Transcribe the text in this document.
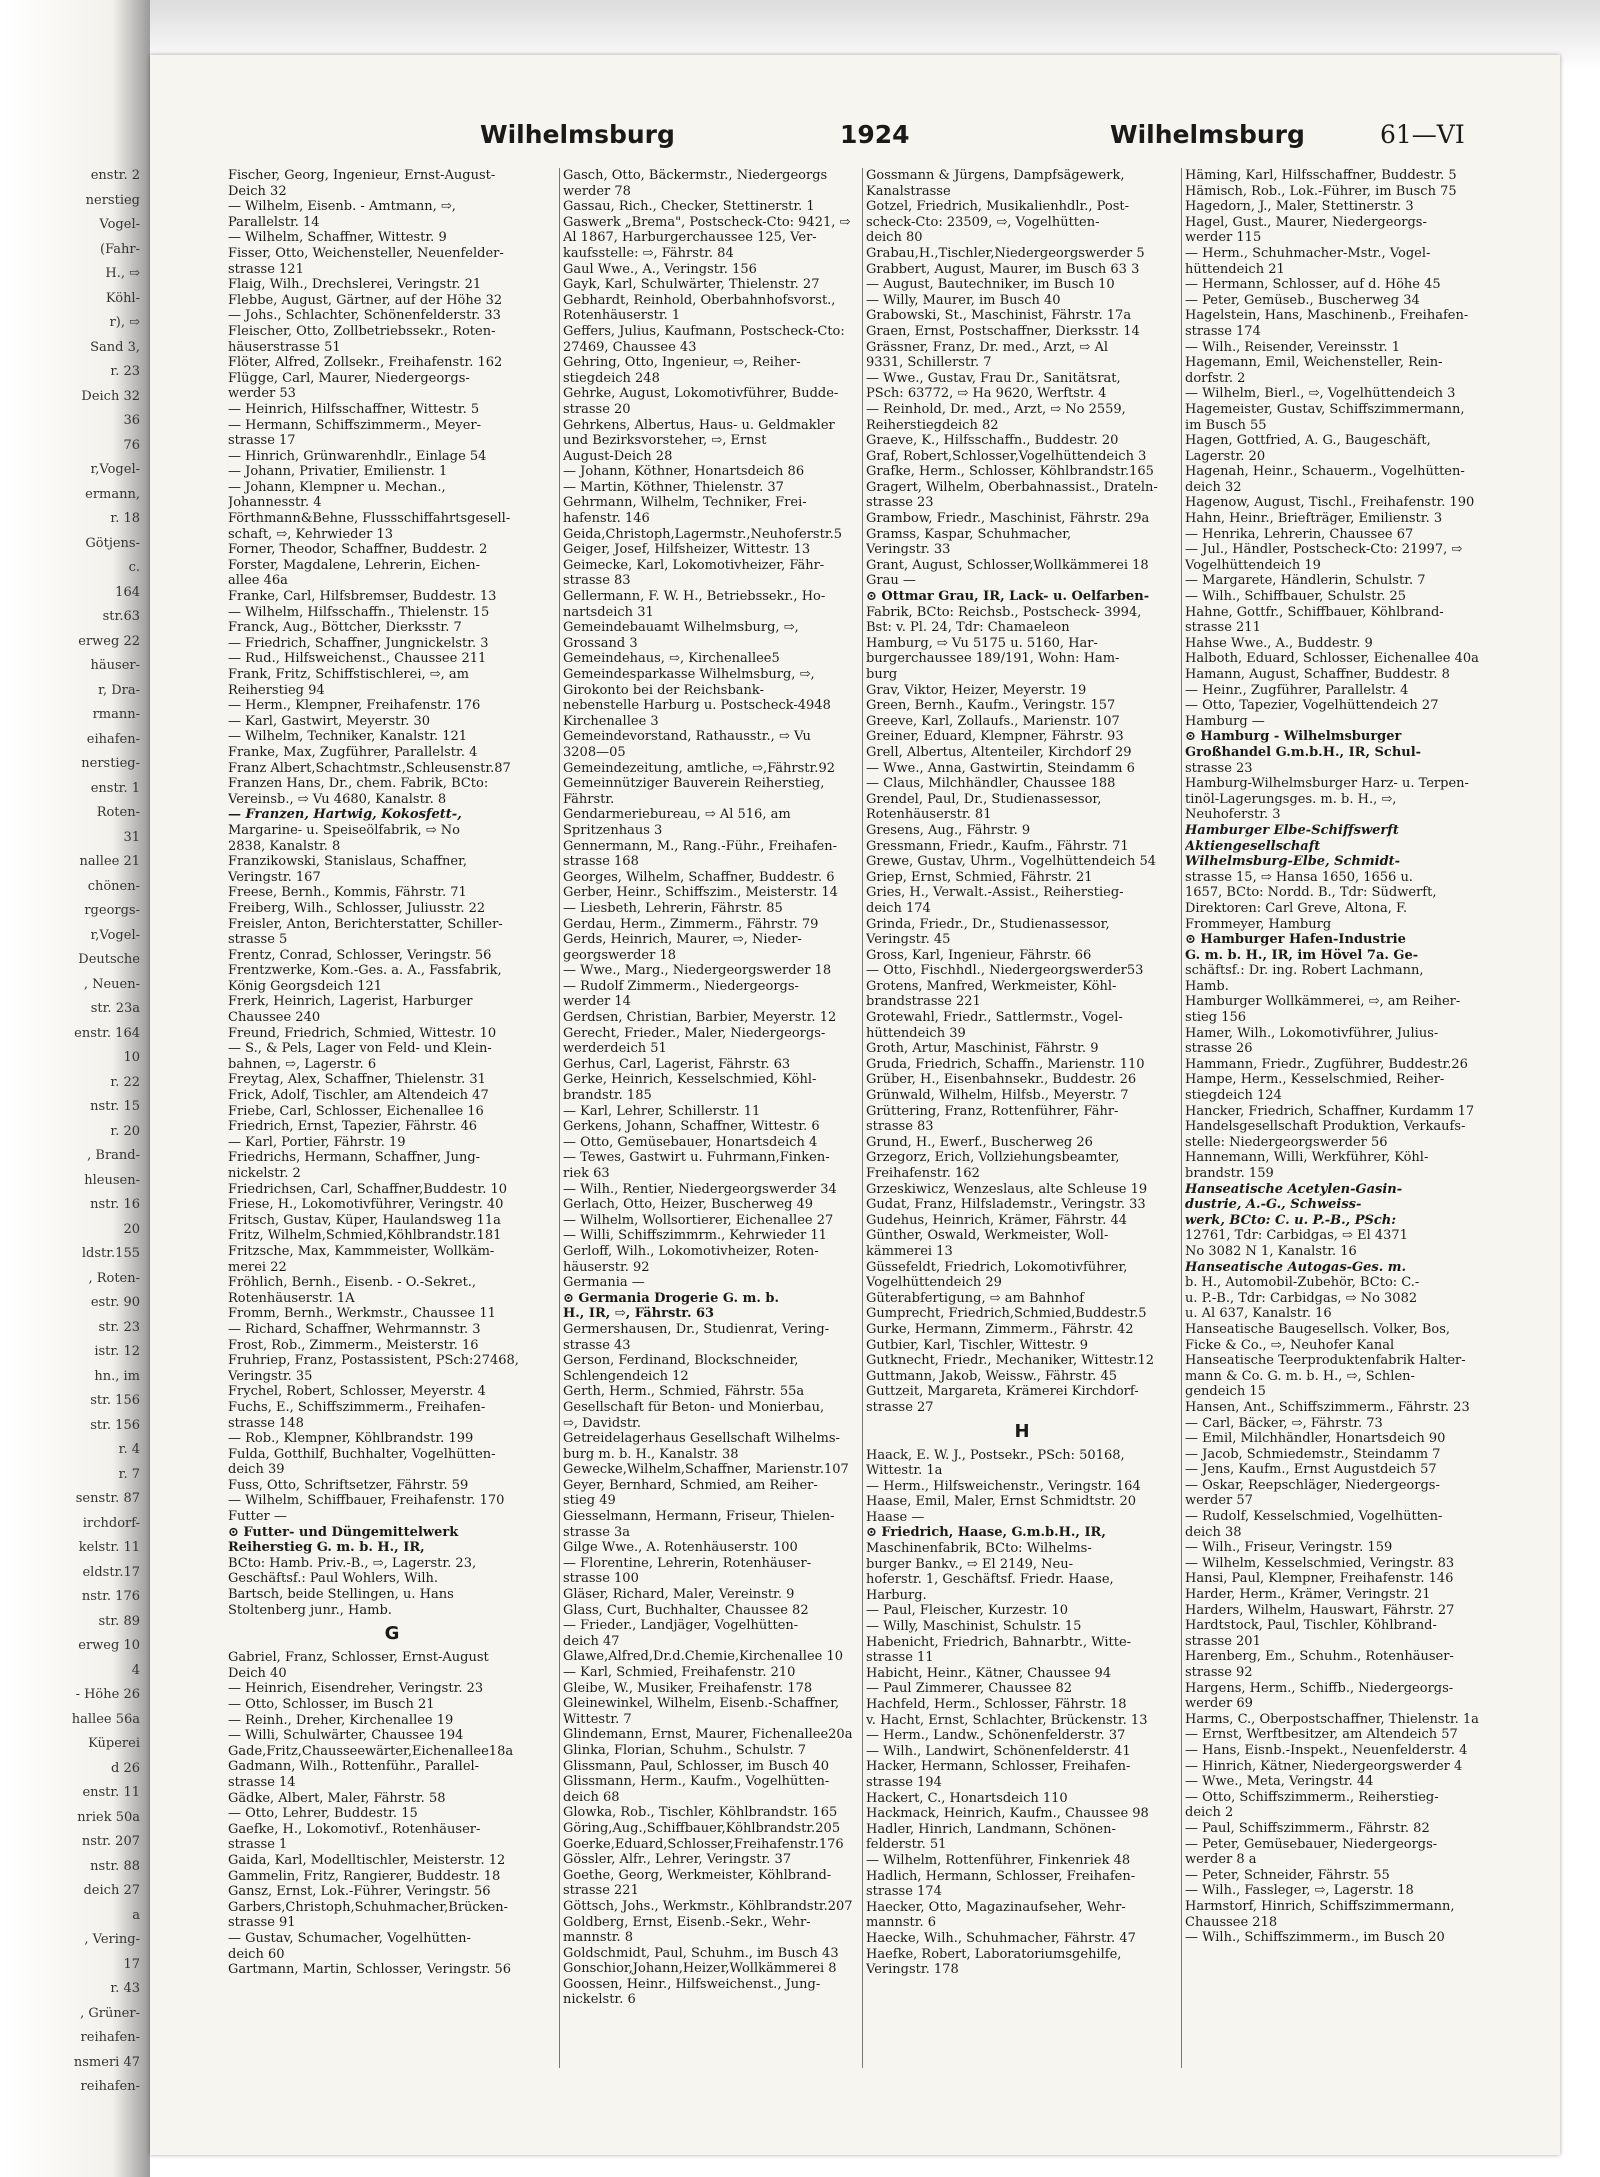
enstr. 2
nerstieg
Vogel-
(Fahr-
H., ⇨
Köhl-
r), ⇨
Sand 3,
r. 23
Deich 32
36
76
r,Vogel-
ermann,
r. 18
Götjens-
c.
164
str.63
erweg 22
häuser-
r, Dra-
rmann-
eihafen-
nerstieg-
enstr. 1
Roten-
31
nallee 21
chönen-
rgeorgs-
r,Vogel-
Deutsche
, Neuen-
str. 23a
enstr. 164
10
r. 22
nstr. 15
r. 20
, Brand-
hleusen-
nstr. 16
20
ldstr.155
, Roten-
estr. 90
str. 23
istr. 12
hn., im
str. 156
str. 156
r. 4
r. 7
senstr. 87
irchdorf-
kelstr. 11
eldstr.17
nstr. 176
str. 89
erweg 10
4
- Höhe 26
hallee 56a
Küperei
d 26
enstr. 11
nriek 50a
nstr. 207
nstr. 88
deich 27
a
, Vering-
17
r. 43
, Grüner-
reihafen-
nsmeri 47
reihafen-
Wilhelmsburg	1924	Wilhelmsburg	61—VI
Fischer, Georg, Ingenieur, Ernst-August-
Deich 32
— Wilhelm, Eisenb. - Amtmann, ⇨,
Parallelstr. 14
— Wilhelm, Schaffner, Wittestr. 9
Fisser, Otto, Weichensteller, Neuenfelder-
strasse 121
Flaig, Wilh., Drechslerei, Veringstr. 21
Flebbe, August, Gärtner, auf der Höhe 32
— Johs., Schlachter, Schönenfelderstr. 33
Fleischer, Otto, Zollbetriebssekr., Roten-
häuserstrasse 51
Flöter, Alfred, Zollsekr., Freihafenstr. 162
Flügge, Carl, Maurer, Niedergeorgs-
werder 53
— Heinrich, Hilfsschaffner, Wittestr. 5
— Hermann, Schiffszimmerm., Meyer-
strasse 17
— Hinrich, Grünwarenhdlr., Einlage 54
— Johann, Privatier, Emilienstr. 1
— Johann, Klempner u. Mechan.,
Johannesstr. 4
Förthmann&Behne, Flussschiffahrtsgesell-
schaft, ⇨, Kehrwieder 13
Forner, Theodor, Schaffner, Buddestr. 2
Forster, Magdalene, Lehrerin, Eichen-
allee 46a
Franke, Carl, Hilfsbremser, Buddestr. 13
— Wilhelm, Hilfsschaffn., Thielenstr. 15
Franck, Aug., Böttcher, Dierksstr. 7
— Friedrich, Schaffner, Jungnickelstr. 3
— Rud., Hilfsweichenst., Chaussee 211
Frank, Fritz, Schiffstischlerei, ⇨, am
Reiherstieg 94
— Herm., Klempner, Freihafenstr. 176
— Karl, Gastwirt, Meyerstr. 30
— Wilhelm, Techniker, Kanalstr. 121
Franke, Max, Zugführer, Parallelstr. 4
Franz Albert,Schachtmstr.,Schleusenstr.87
Franzen Hans, Dr., chem. Fabrik, BCto:
Vereinsb., ⇨ Vu 4680, Kanalstr. 8
— Franzen, Hartwig, Kokosfett-,
Margarine- u. Speiseölfabrik, ⇨ No
2838, Kanalstr. 8
Franzikowski, Stanislaus, Schaffner,
Veringstr. 167
Freese, Bernh., Kommis, Fährstr. 71
Freiberg, Wilh., Schlosser, Juliusstr. 22
Freisler, Anton, Berichterstatter, Schiller-
strasse 5
Frentz, Conrad, Schlosser, Veringstr. 56
Frentzwerke, Kom.-Ges. a. A., Fassfabrik,
König Georgsdeich 121
Frerk, Heinrich, Lagerist, Harburger
Chaussee 240
Freund, Friedrich, Schmied, Wittestr. 10
— S., & Pels, Lager von Feld- und Klein-
bahnen, ⇨, Lagerstr. 6
Freytag, Alex, Schaffner, Thielenstr. 31
Frick, Adolf, Tischler, am Altendeich 47
Friebe, Carl, Schlosser, Eichenallee 16
Friedrich, Ernst, Tapezier, Fährstr. 46
— Karl, Portier, Fährstr. 19
Friedrichs, Hermann, Schaffner, Jung-
nickelstr. 2
Friedrichsen, Carl, Schaffner,Buddestr. 10
Friese, H., Lokomotivführer, Veringstr. 40
Fritsch, Gustav, Küper, Haulandsweg 11a
Fritz, Wilhelm,Schmied,Köhlbrandstr.181
Fritzsche, Max, Kammmeister, Wollkäm-
merei 22
Fröhlich, Bernh., Eisenb. - O.-Sekret.,
Rotenhäuserstr. 1A
Fromm, Bernh., Werkmstr., Chaussee 11
— Richard, Schaffner, Wehrmannstr. 3
Frost, Rob., Zimmerm., Meisterstr. 16
Fruhriep, Franz, Postassistent, PSch:27468,
Veringstr. 35
Frychel, Robert, Schlosser, Meyerstr. 4
Fuchs, E., Schiffszimmerm., Freihafen-
strasse 148
— Rob., Klempner, Köhlbrandstr. 199
Fulda, Gotthilf, Buchhalter, Vogelhütten-
deich 39
Fuss, Otto, Schriftsetzer, Fährstr. 59
— Wilhelm, Schiffbauer, Freihafenstr. 170
Futter —
⊙ Futter- und Düngemittelwerk
Reiherstieg G. m. b. H., IR,
BCto: Hamb. Priv.-B., ⇨, Lagerstr. 23,
Geschäftsf.: Paul Wohlers, Wilh.
Bartsch, beide Stellingen, u. Hans
Stoltenberg junr., Hamb.
G
Gabriel, Franz, Schlosser, Ernst-August
Deich 40
— Heinrich, Eisendreher, Veringstr. 23
— Otto, Schlosser, im Busch 21
— Reinh., Dreher, Kirchenallee 19
— Willi, Schulwärter, Chaussee 194
Gade,Fritz,Chausseewärter,Eichenallee18a
Gadmann, Wilh., Rottenführ., Parallel-
strasse 14
Gädke, Albert, Maler, Fährstr. 58
— Otto, Lehrer, Buddestr. 15
Gaefke, H., Lokomotivf., Rotenhäuser-
strasse 1
Gaida, Karl, Modelltischler, Meisterstr. 12
Gammelin, Fritz, Rangierer, Buddestr. 18
Gansz, Ernst, Lok.-Führer, Veringstr. 56
Garbers,Christoph,Schuhmacher,Brücken-
strasse 91
— Gustav, Schumacher, Vogelhütten-
deich 60
Gartmann, Martin, Schlosser, Veringstr. 56
Gasch, Otto, Bäckermstr., Niedergeorgs
werder 78
Gassau, Rich., Checker, Stettinerstr. 1
Gaswerk „Brema", Postscheck-Cto: 9421, ⇨
Al 1867, Harburgerchaussee 125, Ver-
kaufsstelle: ⇨, Fährstr. 84
Gaul Wwe., A., Veringstr. 156
Gayk, Karl, Schulwärter, Thielenstr. 27
Gebhardt, Reinhold, Oberbahnhofsvorst.,
Rotenhäuserstr. 1
Geffers, Julius, Kaufmann, Postscheck-Cto:
27469, Chaussee 43
Gehring, Otto, Ingenieur, ⇨, Reiher-
stiegdeich 248
Gehrke, August, Lokomotivführer, Budde-
strasse 20
Gehrkens, Albertus, Haus- u. Geldmakler
und Bezirksvorsteher, ⇨, Ernst
August-Deich 28
— Johann, Köthner, Honartsdeich 86
— Martin, Köthner, Thielenstr. 37
Gehrmann, Wilhelm, Techniker, Frei-
hafenstr. 146
Geida,Christoph,Lagermstr.,Neuhoferstr.5
Geiger, Josef, Hilfsheizer, Wittestr. 13
Geimecke, Karl, Lokomotivheizer, Fähr-
strasse 83
Gellermann, F. W. H., Betriebssekr., Ho-
nartsdeich 31
Gemeindebauamt Wilhelmsburg, ⇨,
Grossand 3
Gemeindehaus, ⇨, Kirchenallee5
Gemeindesparkasse Wilhelmsburg, ⇨,
Girokonto bei der Reichsbank-
nebenstelle Harburg u. Postscheck-4948
Kirchenallee 3
Gemeindevorstand, Rathausstr., ⇨ Vu
3208—05
Gemeindezeitung, amtliche, ⇨,Fährstr.92
Gemeinnütziger Bauverein Reiherstieg,
Fährstr.
Gendarmeriebureau, ⇨ Al 516, am
Spritzenhaus 3
Gennermann, M., Rang.-Führ., Freihafen-
strasse 168
Georges, Wilhelm, Schaffner, Buddestr. 6
Gerber, Heinr., Schiffszim., Meisterstr. 14
— Liesbeth, Lehrerin, Fährstr. 85
Gerdau, Herm., Zimmerm., Fährstr. 79
Gerds, Heinrich, Maurer, ⇨, Nieder-
georgswerder 18
— Wwe., Marg., Niedergeorgswerder 18
— Rudolf Zimmerm., Niedergeorgs-
werder 14
Gerdsen, Christian, Barbier, Meyerstr. 12
Gerecht, Frieder., Maler, Niedergeorgs-
werderdeich 51
Gerhus, Carl, Lagerist, Fährstr. 63
Gerke, Heinrich, Kesselschmied, Köhl-
brandstr. 185
— Karl, Lehrer, Schillerstr. 11
Gerkens, Johann, Schaffner, Wittestr. 6
— Otto, Gemüsebauer, Honartsdeich 4
— Tewes, Gastwirt u. Fuhrmann,Finken-
riek 63
— Wilh., Rentier, Niedergeorgswerder 34
Gerlach, Otto, Heizer, Buscherweg 49
— Wilhelm, Wollsortierer, Eichenallee 27
— Willi, Schiffszimmrm., Kehrwieder 11
Gerloff, Wilh., Lokomotivheizer, Roten-
häuserstr. 92
Germania —
⊙ Germania Drogerie G. m. b.
H., IR, ⇨, Fährstr. 63
Germershausen, Dr., Studienrat, Vering-
strasse 43
Gerson, Ferdinand, Blockschneider,
Schlengendeich 12
Gerth, Herm., Schmied, Fährstr. 55a
Gesellschaft für Beton- und Monierbau,
⇨, Davidstr.
Getreidelagerhaus Gesellschaft Wilhelms-
burg m. b. H., Kanalstr. 38
Gewecke,Wilhelm,Schaffner, Marienstr.107
Geyer, Bernhard, Schmied, am Reiher-
stieg 49
Giesselmann, Hermann, Friseur, Thielen-
strasse 3a
Gilge Wwe., A. Rotenhäuserstr. 100
— Florentine, Lehrerin, Rotenhäuser-
strasse 100
Gläser, Richard, Maler, Vereinstr. 9
Glass, Curt, Buchhalter, Chaussee 82
— Frieder., Landjäger, Vogelhütten-
deich 47
Glawe,Alfred,Dr.d.Chemie,Kirchenallee 10
— Karl, Schmied, Freihafenstr. 210
Gleibe, W., Musiker, Freihafenstr. 178
Gleinewinkel, Wilhelm, Eisenb.-Schaffner,
Wittestr. 7
Glindemann, Ernst, Maurer, Fichenallee20a
Glinka, Florian, Schuhm., Schulstr. 7
Glissmann, Paul, Schlosser, im Busch 40
Glissmann, Herm., Kaufm., Vogelhütten-
deich 68
Glowka, Rob., Tischler, Köhlbrandstr. 165
Göring,Aug.,Schiffbauer,Köhlbrandstr.205
Goerke,Eduard,Schlosser,Freihafenstr.176
Gössler, Alfr., Lehrer, Veringstr. 37
Goethe, Georg, Werkmeister, Köhlbrand-
strasse 221
Göttsch, Johs., Werkmstr., Köhlbrandstr.207
Goldberg, Ernst, Eisenb.-Sekr., Wehr-
mannstr. 8
Goldschmidt, Paul, Schuhm., im Busch 43
Gonschior,Johann,Heizer,Wollkämmerei 8
Goossen, Heinr., Hilfsweichenst., Jung-
nickelstr. 6
Gossmann & Jürgens, Dampfsägewerk,
Kanalstrasse
Gotzel, Friedrich, Musikalienhdlr., Post-
scheck-Cto: 23509, ⇨, Vogelhütten-
deich 80
Grabau,H.,Tischler,Niedergeorgswerder 5
Grabbert, August, Maurer, im Busch 63 3
— August, Bautechniker, im Busch 10
— Willy, Maurer, im Busch 40
Grabowski, St., Maschinist, Fährstr. 17a
Graen, Ernst, Postschaffner, Dierksstr. 14
Grässner, Franz, Dr. med., Arzt, ⇨ Al
9331, Schillerstr. 7
— Wwe., Gustav, Frau Dr., Sanitätsrat,
PSch: 63772, ⇨ Ha 9620, Werftstr. 4
— Reinhold, Dr. med., Arzt, ⇨ No 2559,
Reiherstiegdeich 82
Graeve, K., Hilfsschaffn., Buddestr. 20
Graf, Robert,Schlosser,Vogelhüttendeich 3
Grafke, Herm., Schlosser, Köhlbrandstr.165
Gragert, Wilhelm, Oberbahnassist., Drateln-
strasse 23
Grambow, Friedr., Maschinist, Fährstr. 29a
Gramss, Kaspar, Schuhmacher,
Veringstr. 33
Grant, August, Schlosser,Wollkämmerei 18
Grau —
⊙ Ottmar Grau, IR, Lack- u. Oelfarben-
Fabrik, BCto: Reichsb., Postscheck- 3994,
Bst: v. Pl. 24, Tdr: Chamaeleon
Hamburg, ⇨ Vu 5175 u. 5160, Har-
burgerchaussee 189/191, Wohn: Ham-
burg
Grav, Viktor, Heizer, Meyerstr. 19
Green, Bernh., Kaufm., Veringstr. 157
Greeve, Karl, Zollaufs., Marienstr. 107
Greiner, Eduard, Klempner, Fährstr. 93
Grell, Albertus, Altenteiler, Kirchdorf 29
— Wwe., Anna, Gastwirtin, Steindamm 6
— Claus, Milchhändler, Chaussee 188
Grendel, Paul, Dr., Studienassessor,
Rotenhäuserstr. 81
Gresens, Aug., Fährstr. 9
Gressmann, Friedr., Kaufm., Fährstr. 71
Grewe, Gustav, Uhrm., Vogelhüttendeich 54
Griep, Ernst, Schmied, Fährstr. 21
Gries, H., Verwalt.-Assist., Reiherstieg-
deich 174
Grinda, Friedr., Dr., Studienassessor,
Veringstr. 45
Gross, Karl, Ingenieur, Fährstr. 66
— Otto, Fischhdl., Niedergeorgswerder53
Grotens, Manfred, Werkmeister, Köhl-
brandstrasse 221
Grotewahl, Friedr., Sattlermstr., Vogel-
hüttendeich 39
Groth, Artur, Maschinist, Fährstr. 9
Gruda, Friedrich, Schaffn., Marienstr. 110
Grüber, H., Eisenbahnsekr., Buddestr. 26
Grünwald, Wilhelm, Hilfsb., Meyerstr. 7
Grüttering, Franz, Rottenführer, Fähr-
strasse 83
Grund, H., Ewerf., Buscherweg 26
Grzegorz, Erich, Vollziehungsbeamter,
Freihafenstr. 162
Grzeskiwicz, Wenzeslaus, alte Schleuse 19
Gudat, Franz, Hilfslademstr., Veringstr. 33
Gudehus, Heinrich, Krämer, Fährstr. 44
Günther, Oswald, Werkmeister, Woll-
kämmerei 13
Güssefeldt, Friedrich, Lokomotivführer,
Vogelhüttendeich 29
Güterabfertigung, ⇨ am Bahnhof
Gumprecht, Friedrich,Schmied,Buddestr.5
Gurke, Hermann, Zimmerm., Fährstr. 42
Gutbier, Karl, Tischler, Wittestr. 9
Gutknecht, Friedr., Mechaniker, Wittestr.12
Guttmann, Jakob, Weissw., Fährstr. 45
Guttzeit, Margareta, Krämerei Kirchdorf-
strasse 27
H
Haack, E. W. J., Postsekr., PSch: 50168,
Wittestr. 1a
— Herm., Hilfsweichenstr., Veringstr. 164
Haase, Emil, Maler, Ernst Schmidtstr. 20
Haase —
⊙ Friedrich, Haase, G.m.b.H., IR,
Maschinenfabrik, BCto: Wilhelms-
burger Bankv., ⇨ El 2149, Neu-
hoferstr. 1, Geschäftsf. Friedr. Haase,
Harburg.
— Paul, Fleischer, Kurzestr. 10
— Willy, Maschinist, Schulstr. 15
Habenicht, Friedrich, Bahnarbtr., Witte-
strasse 11
Habicht, Heinr., Kätner, Chaussee 94
— Paul Zimmerer, Chaussee 82
Hachfeld, Herm., Schlosser, Fährstr. 18
v. Hacht, Ernst, Schlachter, Brückenstr. 13
— Herm., Landw., Schönenfelderstr. 37
— Wilh., Landwirt, Schönenfelderstr. 41
Hacker, Hermann, Schlosser, Freihafen-
strasse 194
Hackert, C., Honartsdeich 110
Hackmack, Heinrich, Kaufm., Chaussee 98
Hadler, Hinrich, Landmann, Schönen-
felderstr. 51
— Wilhelm, Rottenführer, Finkenriek 48
Hadlich, Hermann, Schlosser, Freihafen-
strasse 174
Haecker, Otto, Magazinaufseher, Wehr-
mannstr. 6
Haecke, Wilh., Schuhmacher, Fährstr. 47
Haefke, Robert, Laboratoriumsgehilfe,
Veringstr. 178
Häming, Karl, Hilfsschaffner, Buddestr. 5
Hämisch, Rob., Lok.-Führer, im Busch 75
Hagedorn, J., Maler, Stettinerstr. 3
Hagel, Gust., Maurer, Niedergeorgs-
werder 115
— Herm., Schuhmacher-Mstr., Vogel-
hüttendeich 21
— Hermann, Schlosser, auf d. Höhe 45
— Peter, Gemüseb., Buscherweg 34
Hagelstein, Hans, Maschinenb., Freihafen-
strasse 174
— Wilh., Reisender, Vereinsstr. 1
Hagemann, Emil, Weichensteller, Rein-
dorfstr. 2
— Wilhelm, Bierl., ⇨, Vogelhüttendeich 3
Hagemeister, Gustav, Schiffszimmermann,
im Busch 55
Hagen, Gottfried, A. G., Baugeschäft,
Lagerstr. 20
Hagenah, Heinr., Schauerm., Vogelhütten-
deich 32
Hagenow, August, Tischl., Freihafenstr. 190
Hahn, Heinr., Briefträger, Emilienstr. 3
— Henrika, Lehrerin, Chaussee 67
— Jul., Händler, Postscheck-Cto: 21997, ⇨
Vogelhüttendeich 19
— Margarete, Händlerin, Schulstr. 7
— Wilh., Schiffbauer, Schulstr. 25
Hahne, Gottfr., Schiffbauer, Köhlbrand-
strasse 211
Hahse Wwe., A., Buddestr. 9
Halboth, Eduard, Schlosser, Eichenallee 40a
Hamann, August, Schaffner, Buddestr. 8
— Heinr., Zugführer, Parallelstr. 4
— Otto, Tapezier, Vogelhüttendeich 27
Hamburg —
⊙ Hamburg - Wilhelmsburger
Großhandel G.m.b.H., IR, Schul-
strasse 23
Hamburg-Wilhelmsburger Harz- u. Terpen-
tinöl-Lagerungsges. m. b. H., ⇨,
Neuhoferstr. 3
Hamburger Elbe-Schiffswerft
Aktiengesellschaft
Wilhelmsburg-Elbe, Schmidt-
strasse 15, ⇨ Hansa 1650, 1656 u.
1657, BCto: Nordd. B., Tdr: Südwerft,
Direktoren: Carl Greve, Altona, F.
Frommeyer, Hamburg
⊙ Hamburger Hafen-Industrie
G. m. b. H., IR, im Hövel 7a. Ge-
schäftsf.: Dr. ing. Robert Lachmann,
Hamb.
Hamburger Wollkämmerei, ⇨, am Reiher-
stieg 156
Hamer, Wilh., Lokomotivführer, Julius-
strasse 26
Hammann, Friedr., Zugführer, Buddestr.26
Hampe, Herm., Kesselschmied, Reiher-
stiegdeich 124
Hancker, Friedrich, Schaffner, Kurdamm 17
Handelsgesellschaft Produktion, Verkaufs-
stelle: Niedergeorgswerder 56
Hannemann, Willi, Werkführer, Köhl-
brandstr. 159
Hanseatische Acetylen-Gasin-
dustrie, A.-G., Schweiss-
werk, BCto: C. u. P.-B., PSch:
12761, Tdr: Carbidgas, ⇨ El 4371
No 3082 N 1, Kanalstr. 16
Hanseatische Autogas-Ges. m.
b. H., Automobil-Zubehör, BCto: C.-
u. P.-B., Tdr: Carbidgas, ⇨ No 3082
u. Al 637, Kanalstr. 16
Hanseatische Baugesellsch. Volker, Bos,
Ficke & Co., ⇨, Neuhofer Kanal
Hanseatische Teerproduktenfabrik Halter-
mann & Co. G. m. b. H., ⇨, Schlen-
gendeich 15
Hansen, Ant., Schiffszimmerm., Fährstr. 23
— Carl, Bäcker, ⇨, Fährstr. 73
— Emil, Milchhändler, Honartsdeich 90
— Jacob, Schmiedemstr., Steindamm 7
— Jens, Kaufm., Ernst Augustdeich 57
— Oskar, Reepschläger, Niedergeorgs-
werder 57
— Rudolf, Kesselschmied, Vogelhütten-
deich 38
— Wilh., Friseur, Veringstr. 159
— Wilhelm, Kesselschmied, Veringstr. 83
Hansi, Paul, Klempner, Freihafenstr. 146
Harder, Herm., Krämer, Veringstr. 21
Harders, Wilhelm, Hauswart, Fährstr. 27
Hardtstock, Paul, Tischler, Köhlbrand-
strasse 201
Harenberg, Em., Schuhm., Rotenhäuser-
strasse 92
Hargens, Herm., Schiffb., Niedergeorgs-
werder 69
Harms, C., Oberpostschaffner, Thielenstr. 1a
— Ernst, Werftbesitzer, am Altendeich 57
— Hans, Eisnb.-Inspekt., Neuenfelderstr. 4
— Hinrich, Kätner, Niedergeorgswerder 4
— Wwe., Meta, Veringstr. 44
— Otto, Schiffszimmerm., Reiherstieg-
deich 2
— Paul, Schiffszimmerm., Fährstr. 82
— Peter, Gemüsebauer, Niedergeorgs-
werder 8 a
— Peter, Schneider, Fährstr. 55
— Wilh., Fassleger, ⇨, Lagerstr. 18
Harmstorf, Hinrich, Schiffszimmermann,
Chaussee 218
— Wilh., Schiffszimmerm., im Busch 20
